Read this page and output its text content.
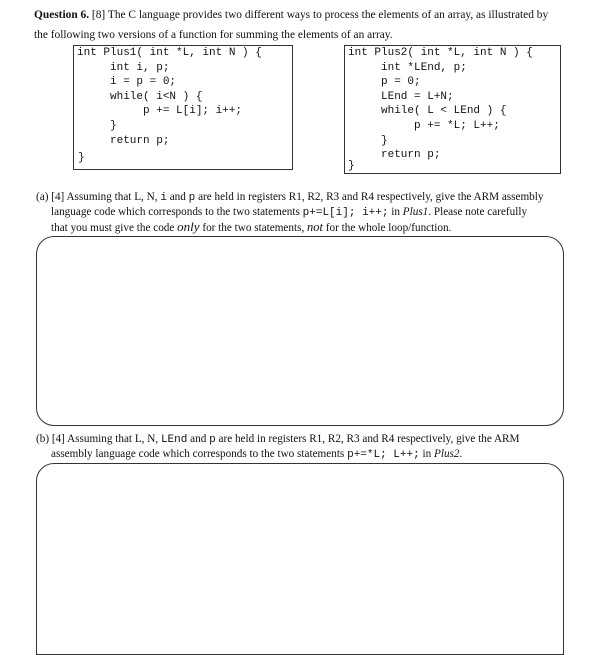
Question 6. [8] The C language provides two different ways to process the elements of an array, as illustrated by
the following two versions of a function for summing the elements of an array.
int Plus1( int *L, int N ) {
int i, p;
i = p = 0;
while( i<N ) {
p += L[i]; i++;
}
return p;
}
int Plus2( int *L, int N ) {
int *LEnd, p;
p = 0;
LEnd = L+N;
while( L < LEnd ) {
p += *L; L++;
}
return p;
}
(a) [4] Assuming that L, N, i and p are held in registers R1, R2, R3 and R4 respectively, give the ARM assembly
language code which corresponds to the two statements p+=L[i]; i++; in Plus1. Please note carefully
that you must give the code only for the two statements, not for the whole loop/function.
(b) [4] Assuming that L, N, LEnd and p are held in registers R1, R2, R3 and R4 respectively, give the ARM
assembly language code which corresponds to the two statements p+=*L; L++; in Plus2.
